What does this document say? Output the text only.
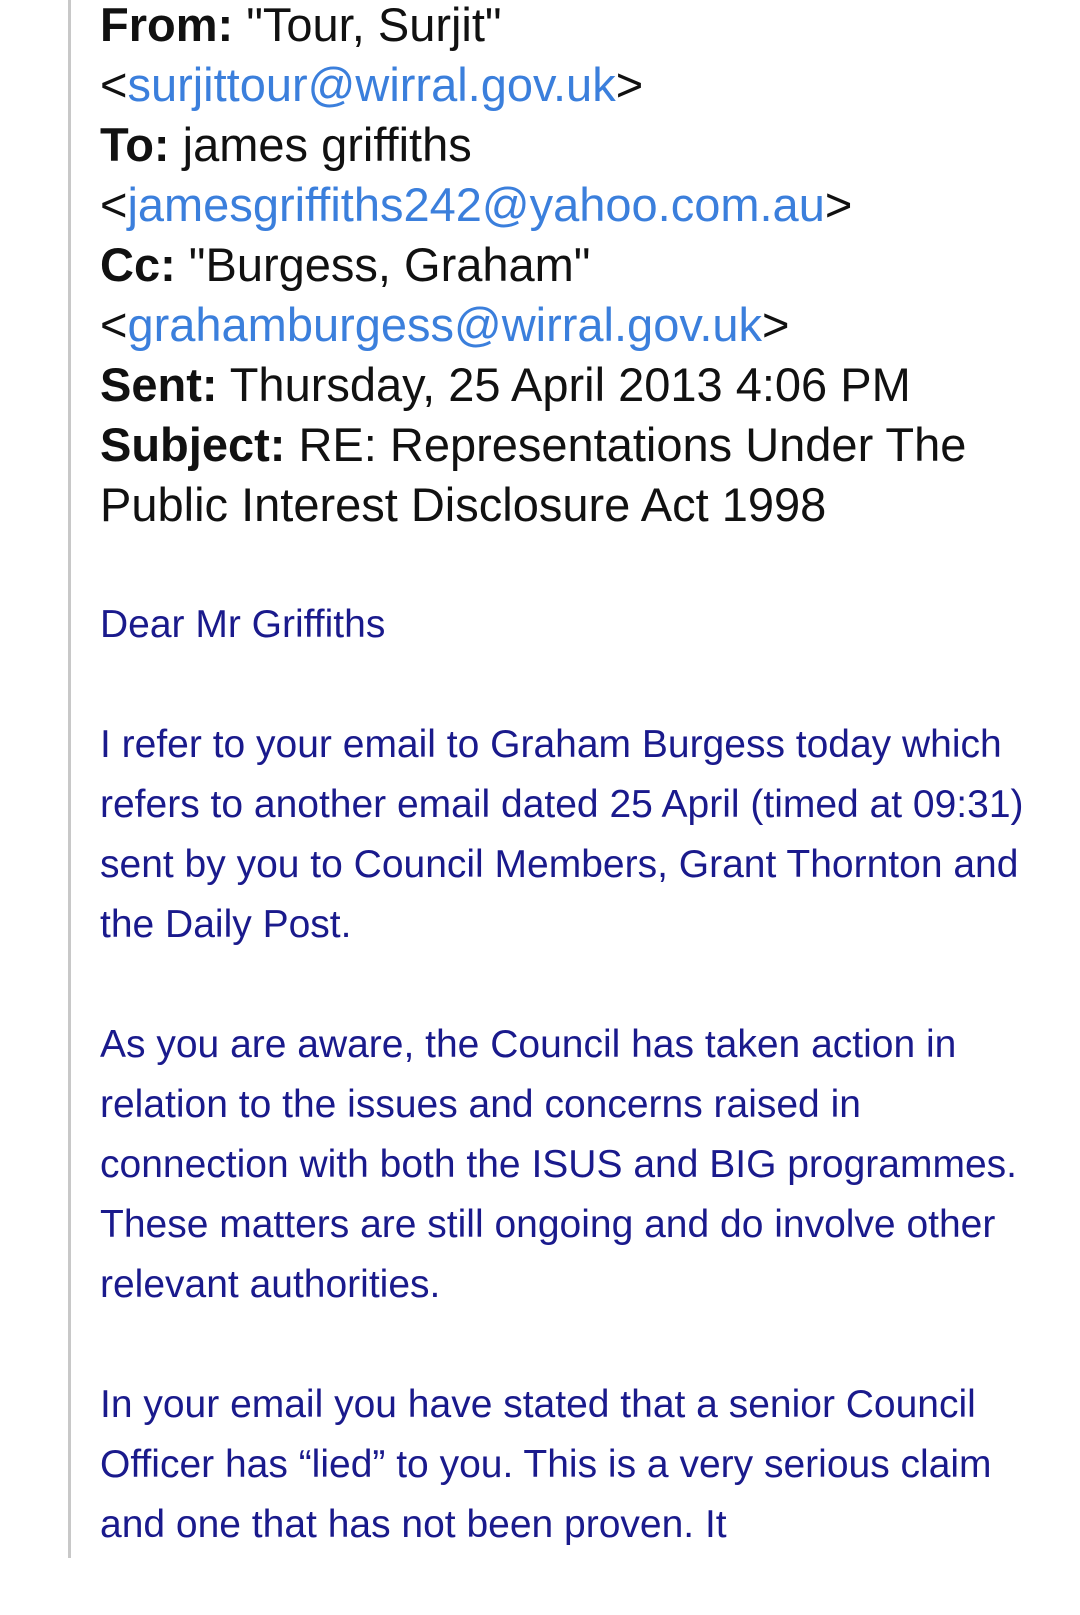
From: "Tour, Surjit"
<surjittour@wirral.gov.uk>
To: james griffiths
<jamesgriffiths242@yahoo.com.au>
Cc: "Burgess, Graham"
<grahamburgess@wirral.gov.uk>
Sent: Thursday, 25 April 2013 4:06 PM
Subject: RE: Representations Under The Public Interest Disclosure Act 1998

Dear Mr Griffiths

I refer to your email to Graham Burgess today which refers to another email dated 25 April (timed at 09:31) sent by you to Council Members, Grant Thornton and the Daily Post.

As you are aware, the Council has taken action in relation to the issues and concerns raised in connection with both the ISUS and BIG programmes. These matters are still ongoing and do involve other relevant authorities.

In your email you have stated that a senior Council Officer has “lied” to you. This is a very serious claim and one that has not been proven. It
